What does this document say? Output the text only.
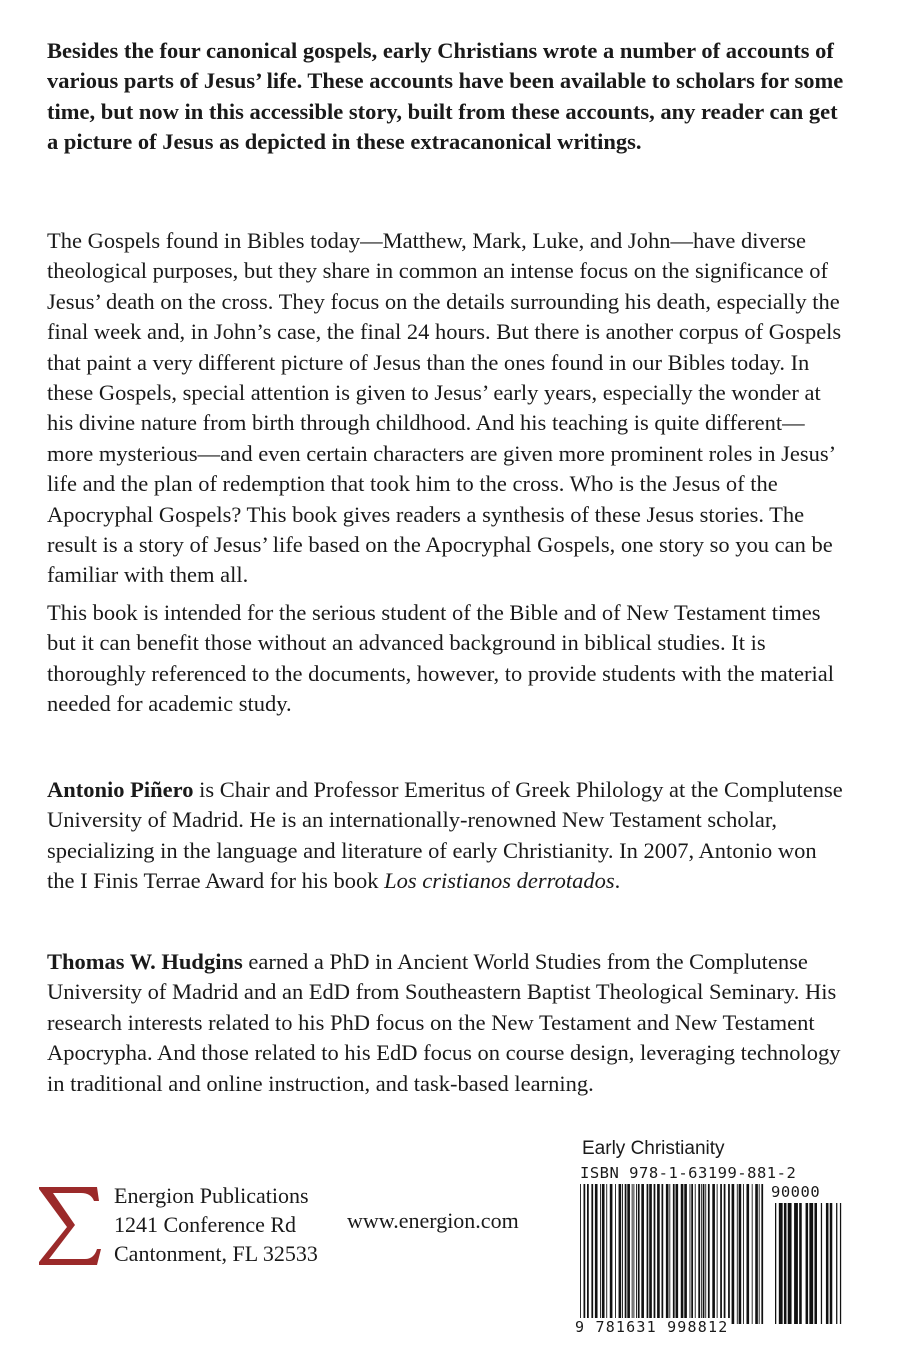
Besides the four canonical gospels, early Christians wrote a number of accounts of various parts of Jesus’ life. These accounts have been available to scholars for some time, but now in this accessible story, built from these accounts, any reader can get a picture of Jesus as depicted in these extracanonical writings.

The Gospels found in Bibles today—Matthew, Mark, Luke, and John—have diverse theological purposes, but they share in common an intense focus on the significance of Jesus’ death on the cross. They focus on the details surrounding his death, especially the final week and, in John’s case, the final 24 hours. But there is another corpus of Gospels that paint a very different picture of Jesus than the ones found in our Bibles today. In these Gospels, special attention is given to Jesus’ early years, especially the wonder at his divine nature from birth through childhood. And his teaching is quite different—more mysterious—and even certain characters are given more prominent roles in Jesus’ life and the plan of redemption that took him to the cross. Who is the Jesus of the Apocryphal Gospels? This book gives readers a synthesis of these Jesus stories. The result is a story of Jesus’ life based on the Apocryphal Gospels, one story so you can be familiar with them all.

This book is intended for the serious student of the Bible and of New Testament times but it can benefit those without an advanced background in biblical studies. It is thoroughly referenced to the documents, however, to provide students with the material needed for academic study.

Antonio Piñero is Chair and Professor Emeritus of Greek Philology at the Complutense University of Madrid. He is an internationally-renowned New Testament scholar, specializing in the language and literature of early Christianity. In 2007, Antonio won the I Finis Terrae Award for his book Los cristianos derrotados.

Thomas W. Hudgins earned a PhD in Ancient World Studies from the Complutense University of Madrid and an EdD from Southeastern Baptist Theological Seminary. His research interests related to his PhD focus on the New Testament and New Testament Apocrypha. And those related to his EdD focus on course design, leveraging technology in traditional and online instruction, and task-based learning.

Energion Publications
1241 Conference Rd
Cantonment, FL 32533
www.energion.com
Early Christianity
ISBN 978-1-63199-881-2
90000
9 781631 998812
